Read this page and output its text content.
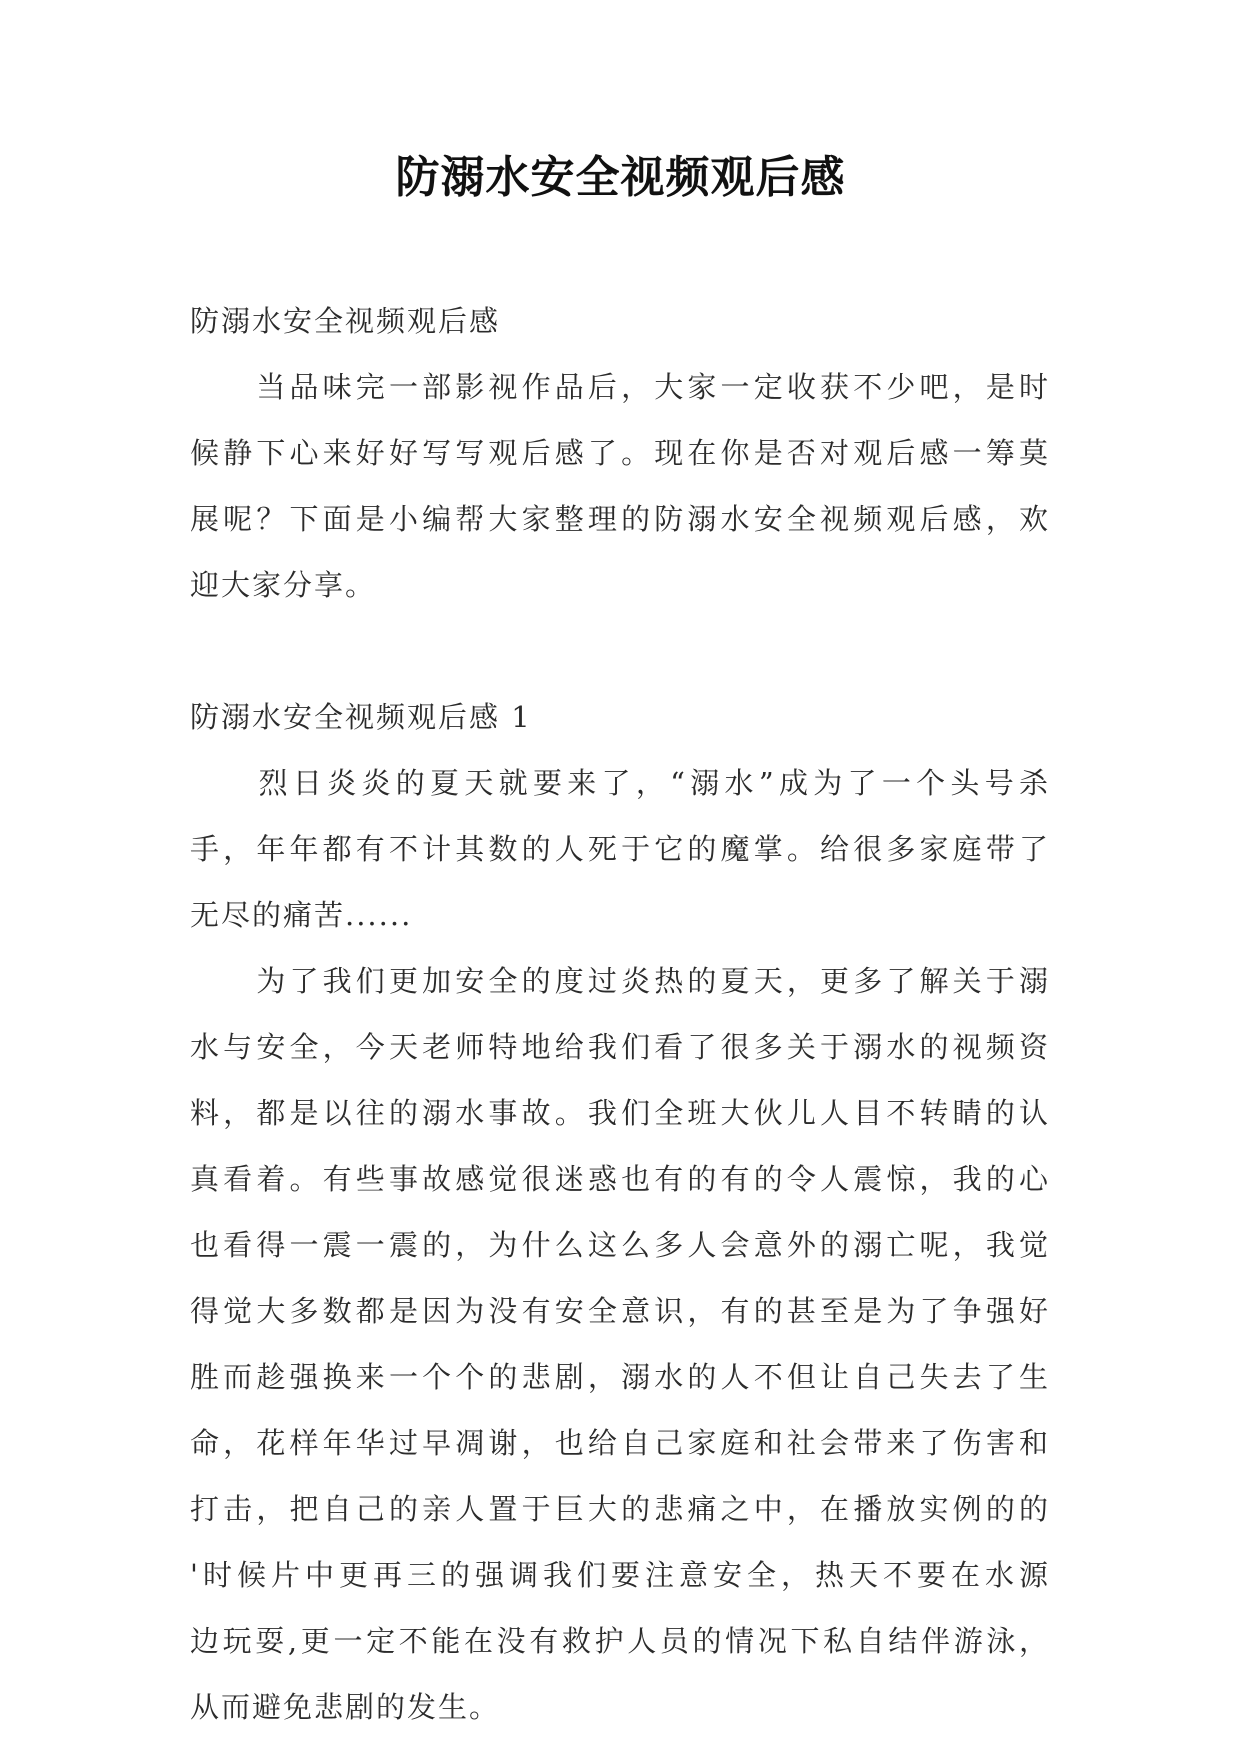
防溺水安全视频观后感

防溺水安全视频观后感

　　当品味完一部影视作品后，大家一定收获不少吧，是时

候静下心来好好写写观后感了。现在你是否对观后感一筹莫

展呢？下面是小编帮大家整理的防溺水安全视频观后感，欢

迎大家分享。

防溺水安全视频观后感 1

　　烈日炎炎的夏天就要来了，“溺水”成为了一个头号杀

手，年年都有不计其数的人死于它的魔掌。给很多家庭带了

无尽的痛苦......

　　为了我们更加安全的度过炎热的夏天，更多了解关于溺

水与安全，今天老师特地给我们看了很多关于溺水的视频资

料，都是以往的溺水事故。我们全班大伙儿人目不转睛的认

真看着。有些事故感觉很迷惑也有的有的令人震惊，我的心

也看得一震一震的，为什么这么多人会意外的溺亡呢，我觉

得觉大多数都是因为没有安全意识，有的甚至是为了争强好

胜而趁强换来一个个的悲剧，溺水的人不但让自己失去了生

命，花样年华过早凋谢，也给自己家庭和社会带来了伤害和

打击，把自己的亲人置于巨大的悲痛之中，在播放实例的的

'时候片中更再三的强调我们要注意安全，热天不要在水源

边玩耍,更一定不能在没有救护人员的情况下私自结伴游泳，

从而避免悲剧的发生。
